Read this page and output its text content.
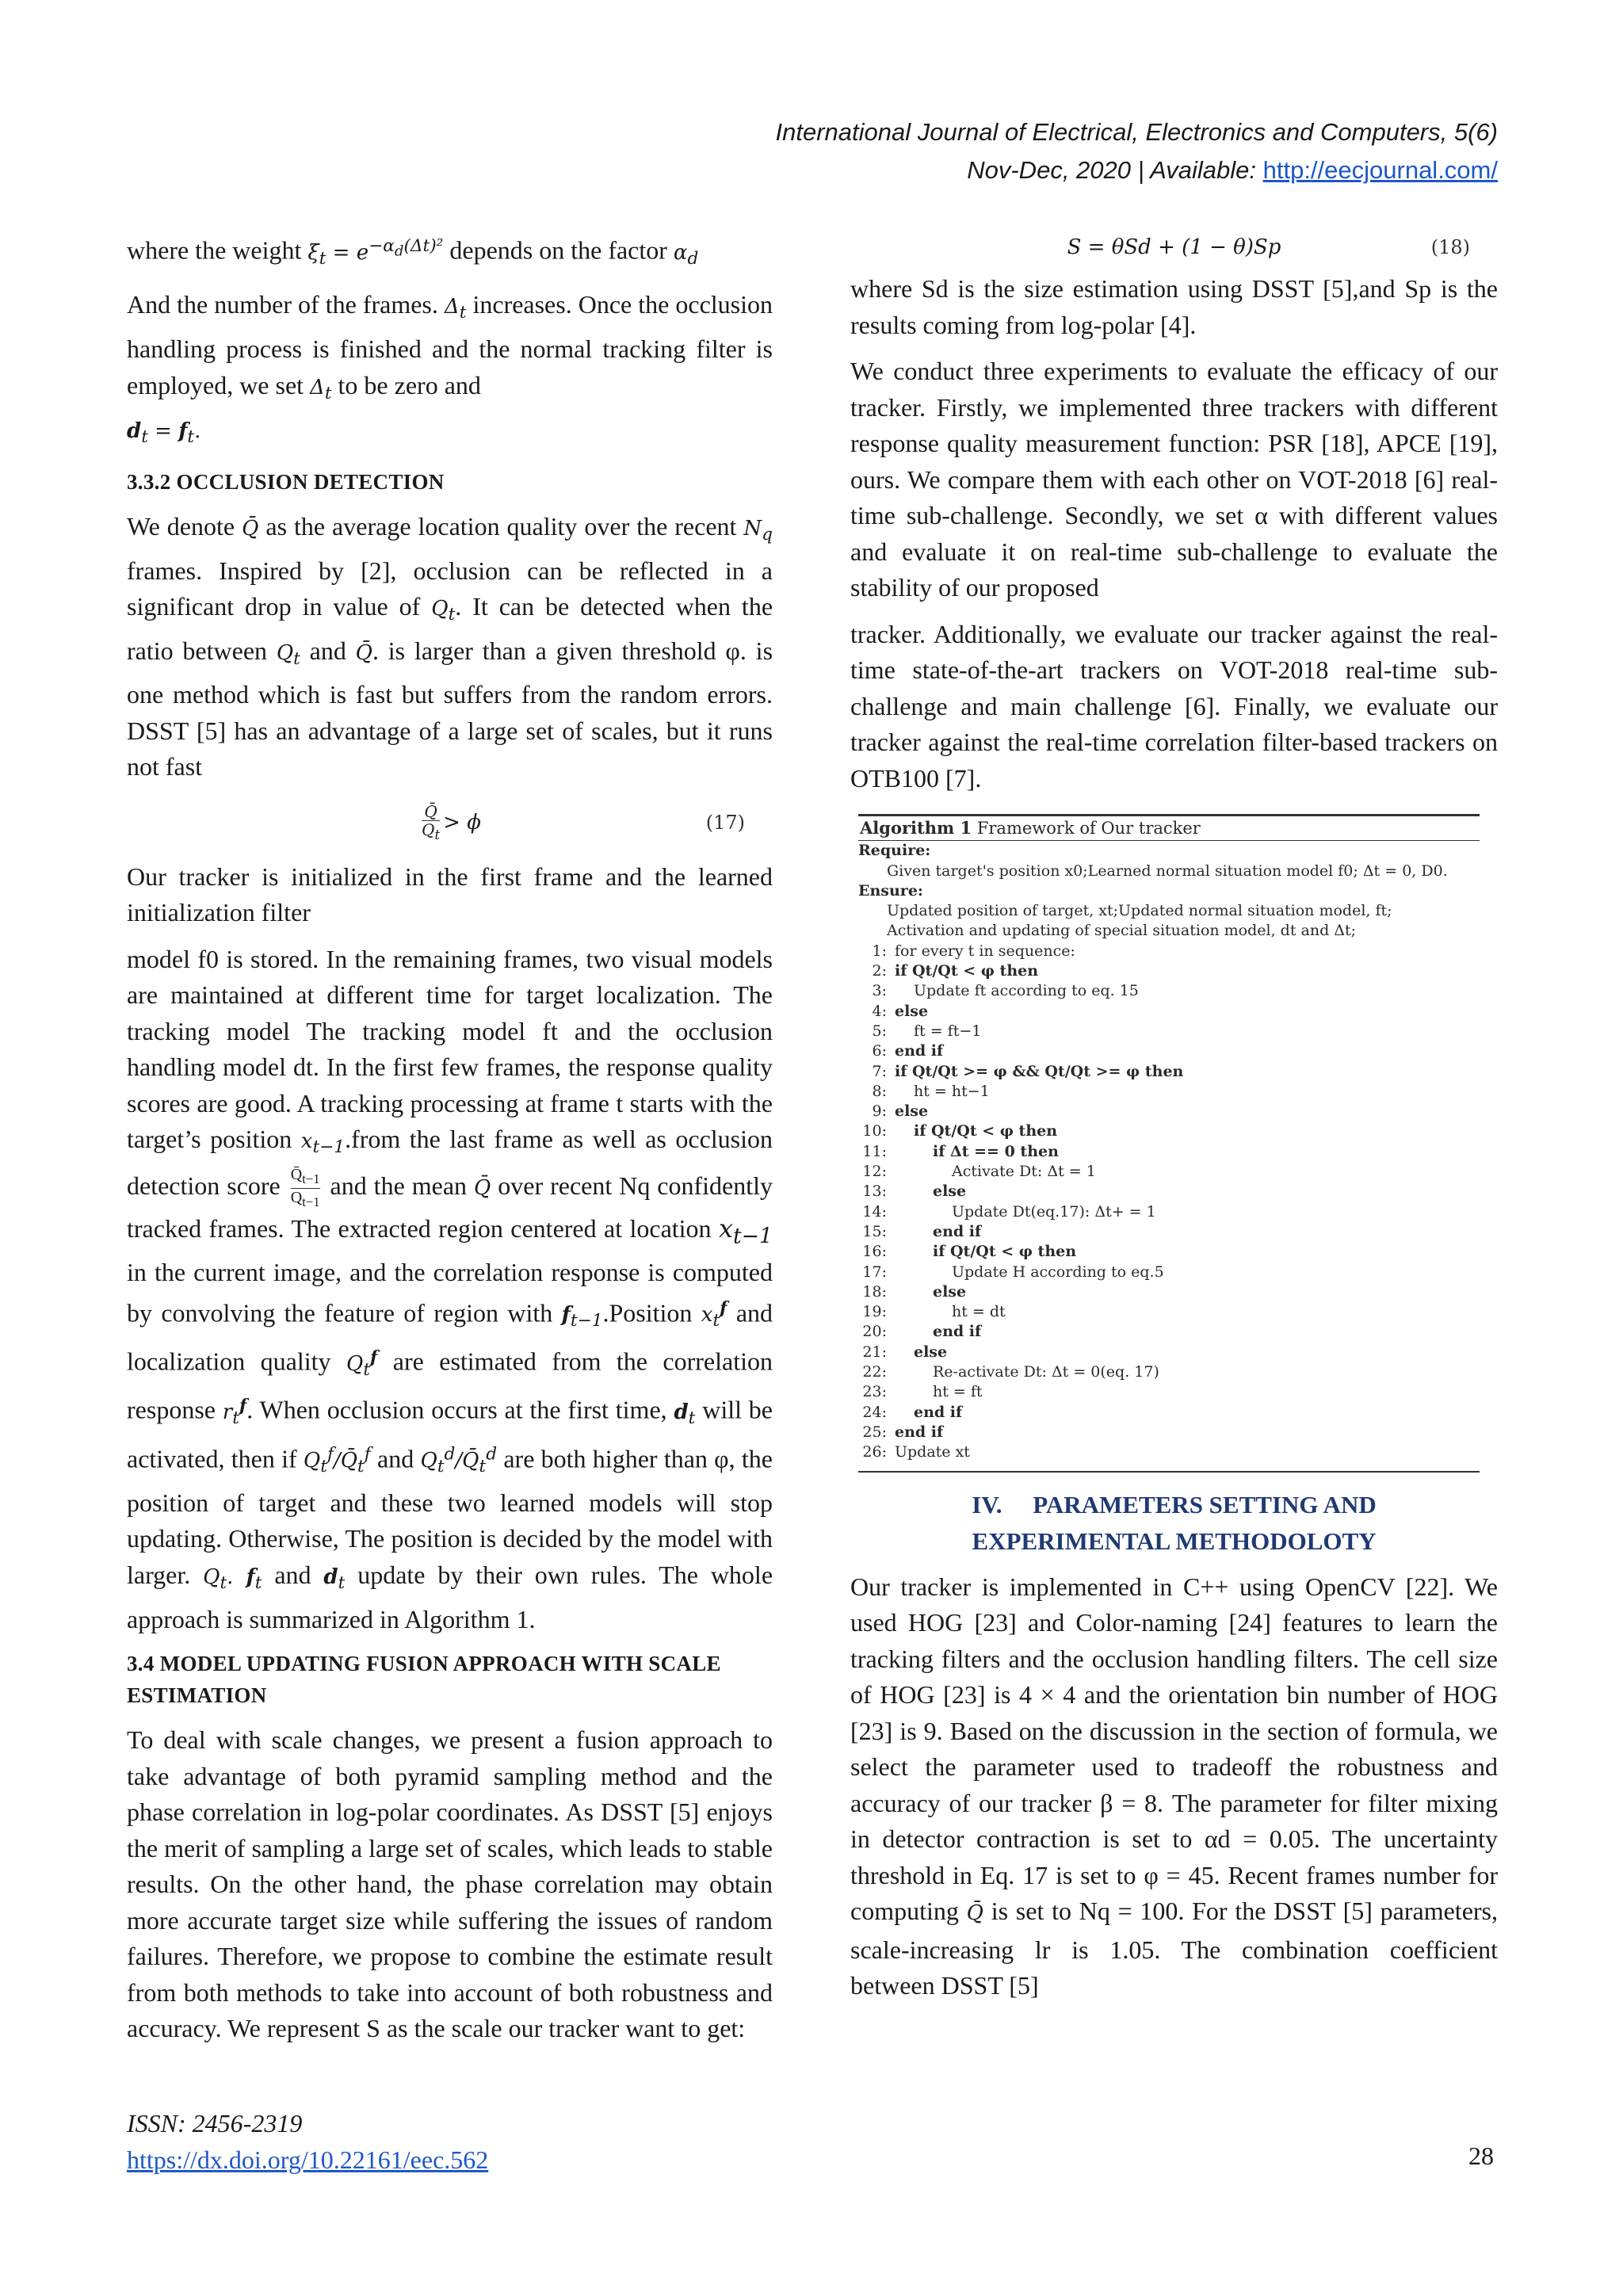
International Journal of Electrical, Electronics and Computers, 5(6)
Nov-Dec, 2020 | Available: http://eecjournal.com/

where the weight $\xi_t = e^{-\alpha_d(\Delta t)^2}$ depends on the factor $\alpha_d$

And the number of the frames. $\Delta_t$ increases. Once the occlusion handling process is finished and the normal tracking filter is employed, we set $\Delta_t$ to be zero and
$d_t = f_t$.

3.3.2 OCCLUSION DETECTION

We denote Q̄ as the average location quality over the recent $N_q$ frames. Inspired by [2], occlusion can be reflected in a significant drop in value of $Q_t$. It can be detected when the ratio between $Q_t$ and Q̄. is larger than a given threshold φ. is one method which is fast but suffers from the random errors. DSST [5] has an advantage of a large set of scales, but it runs not fast

$\frac{Q̄}{Q_t} > \phi$	(17)

Our tracker is initialized in the first frame and the learned initialization filter

model f0 is stored. In the remaining frames, two visual models are maintained at different time for target localization. The tracking model The tracking model ft and the occlusion handling model dt. In the first few frames, the response quality scores are good. A tracking processing at frame t starts with the target’s position $x_{t-1}.from$ the last frame as well as occlusion detection score $\frac{Q̄_{t-1}}{Q_{t-1}}$ and the mean Q̄ over recent Nq confidently tracked frames. The extracted region centered at location $x_{t-1}$ in the current image, and the correlation response is computed by convolving the feature of region with $f_{t-1}.Position$ $x_t^f$ and localization quality $Q_t^f$ are estimated from the correlation response $r_t^f$. When occlusion occurs at the first time, $d_t$ will be activated, then if $Q_t^f/Q̄_t^f$ and $Q_t^d/Q̄_t^d$ are both higher than φ, the position of target and these two learned models will stop updating. Otherwise, The position is decided by the model with larger. $Q_t$. $f_t$ and $d_t$ update by their own rules. The whole approach is summarized in Algorithm 1.

3.4 MODEL UPDATING FUSION APPROACH WITH SCALE ESTIMATION

To deal with scale changes, we present a fusion approach to take advantage of both pyramid sampling method and the phase correlation in log-polar coordinates. As DSST [5] enjoys the merit of sampling a large set of scales, which leads to stable results. On the other hand, the phase correlation may obtain more accurate target size while suffering the issues of random failures. Therefore, we propose to combine the estimate result from both methods to take into account of both robustness and accuracy. We represent S as the scale our tracker want to get:

S = θSd + (1 − θ)Sp	(18)

where Sd is the size estimation using DSST [5],and Sp is the results coming from log-polar [4].

We conduct three experiments to evaluate the efficacy of our tracker. Firstly, we implemented three trackers with different response quality measurement function: PSR [18], APCE [19], ours. We compare them with each other on VOT-2018 [6] real-time sub-challenge. Secondly, we set α with different values and evaluate it on real-time sub-challenge to evaluate the stability of our proposed

tracker. Additionally, we evaluate our tracker against the real-time state-of-the-art trackers on VOT-2018 real-time sub-challenge and main challenge [6]. Finally, we evaluate our tracker against the real-time correlation filter-based trackers on OTB100 [7].

Algorithm 1 Framework of Our tracker
Require:
Given target's position x0;Learned normal situation model f0; Δt = 0, D0.
Ensure:
Updated position of target, xt;Updated normal situation model, ft;
Activation and updating of special situation model, dt and Δt;
1: for every t in sequence:
2: if Qt/Qt < φ then
3:	Update ft according to eq. 15
4: else
5:	ft = ft−1
6: end if
7: if Qt/Qt >= φ && Qt/Qt >= φ then
8:	ht = ht−1
9: else
10:	if Qt/Qt < φ then
11:	if Δt == 0 then
12:	Activate Dt: Δt = 1
13:	else
14:	Update Dt(eq.17): Δt+ = 1
15:	end if
16:	if Qt/Qt < φ then
17:	Update H according to eq.5
18:	else
19:	ht = dt
20:	end if
21:	else
22:	Re-activate Dt: Δt = 0(eq. 17)
23:	ht = ft
24:	end if
25: end if
26: Update xt
IV.     PARAMETERS SETTING AND
EXPERIMENTAL METHODOLOTY

Our tracker is implemented in C++ using OpenCV [22]. We used HOG [23] and Color-naming [24] features to learn the tracking filters and the occlusion handling filters. The cell size of HOG [23] is 4 × 4 and the orientation bin number of HOG [23] is 9. Based on the discussion in the section of formula, we select the parameter used to tradeoff the robustness and accuracy of our tracker β = 8. The parameter for filter mixing in detector contraction is set to αd = 0.05. The uncertainty threshold in Eq. 17 is set to φ = 45. Recent frames number for computing Q̄ is set to Nq = 100. For the DSST [5] parameters, scale-increasing lr is 1.05. The combination coefficient between DSST [5]

ISSN: 2456-2319
https://dx.doi.org/10.22161/eec.562	28
